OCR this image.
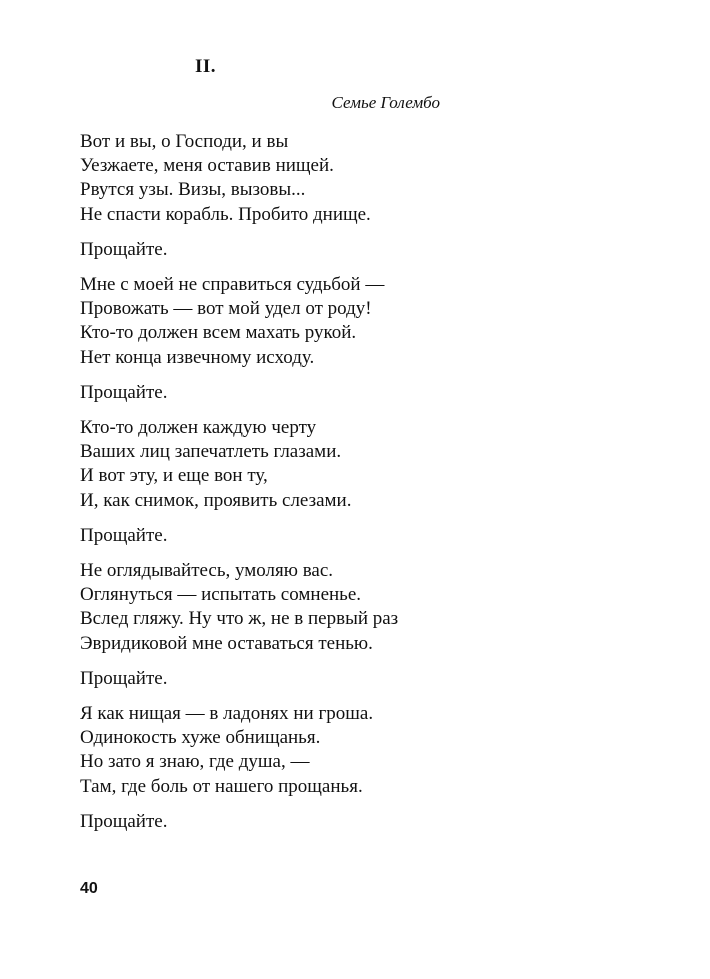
II.

Семье Голембо

Вот и вы, о Господи, и вы
Уезжаете, меня оставив нищей.
Рвутся узы. Визы, вызовы...
Не спасти корабль. Пробито днище.
Прощайте.
Мне с моей не справиться судьбой —
Провожать — вот мой удел от роду!
Кто-то должен всем махать рукой.
Нет конца извечному исходу.
Прощайте.
Кто-то должен каждую черту
Ваших лиц запечатлеть глазами.
И вот эту, и еще вон ту,
И, как снимок, проявить слезами.
Прощайте.
Не оглядывайтесь, умоляю вас.
Оглянуться — испытать сомненье.
Вслед гляжу. Ну что ж, не в первый раз
Эвридиковой мне оставаться тенью.
Прощайте.
Я как нищая — в ладонях ни гроша.
Одинокость хуже обнищанья.
Но зато я знаю, где душа, —
Там, где боль от нашего прощанья.
Прощайте.

40
